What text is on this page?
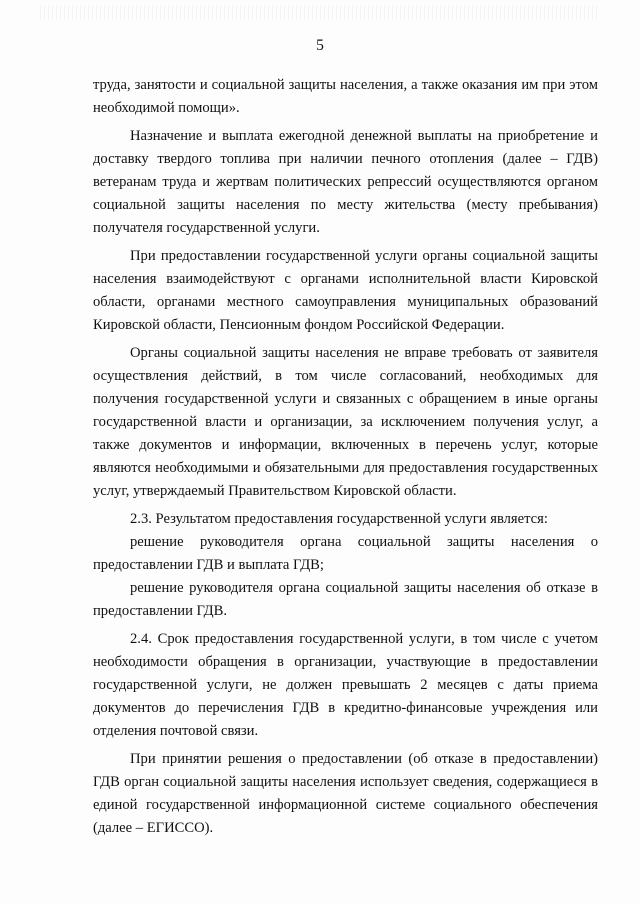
5

труда, занятости и социальной защиты населения, а также оказания им при этом необходимой помощи».

Назначение и выплата ежегодной денежной выплаты на приобретение и доставку твердого топлива при наличии печного отопления (далее – ГДВ) ветеранам труда и жертвам политических репрессий осуществляются органом социальной защиты населения по месту жительства (месту пребывания) получателя государственной услуги.

При предоставлении государственной услуги органы социальной защиты населения взаимодействуют с органами исполнительной власти Кировской области, органами местного самоуправления муниципальных образований Кировской области, Пенсионным фондом Российской Федерации.

Органы социальной защиты населения не вправе требовать от заявителя осуществления действий, в том числе согласований, необходимых для получения государственной услуги и связанных с обращением в иные органы государственной власти и организации, за исключением получения услуг, а также документов и информации, включенных в перечень услуг, которые являются необходимыми и обязательными для предоставления государственных услуг, утверждаемый Правительством Кировской области.

2.3. Результатом предоставления государственной услуги является:

решение руководителя органа социальной защиты населения о предоставлении ГДВ и выплата ГДВ;

решение руководителя органа социальной защиты населения об отказе в предоставлении ГДВ.

2.4. Срок предоставления государственной услуги, в том числе с учетом необходимости обращения в организации, участвующие в предоставлении государственной услуги, не должен превышать 2 месяцев с даты приема документов до перечисления ГДВ в кредитно-финансовые учреждения или отделения почтовой связи.

При принятии решения о предоставлении (об отказе в предоставлении) ГДВ орган социальной защиты населения использует сведения, содержащиеся в единой государственной информационной системе социального обеспечения (далее – ЕГИССО).
